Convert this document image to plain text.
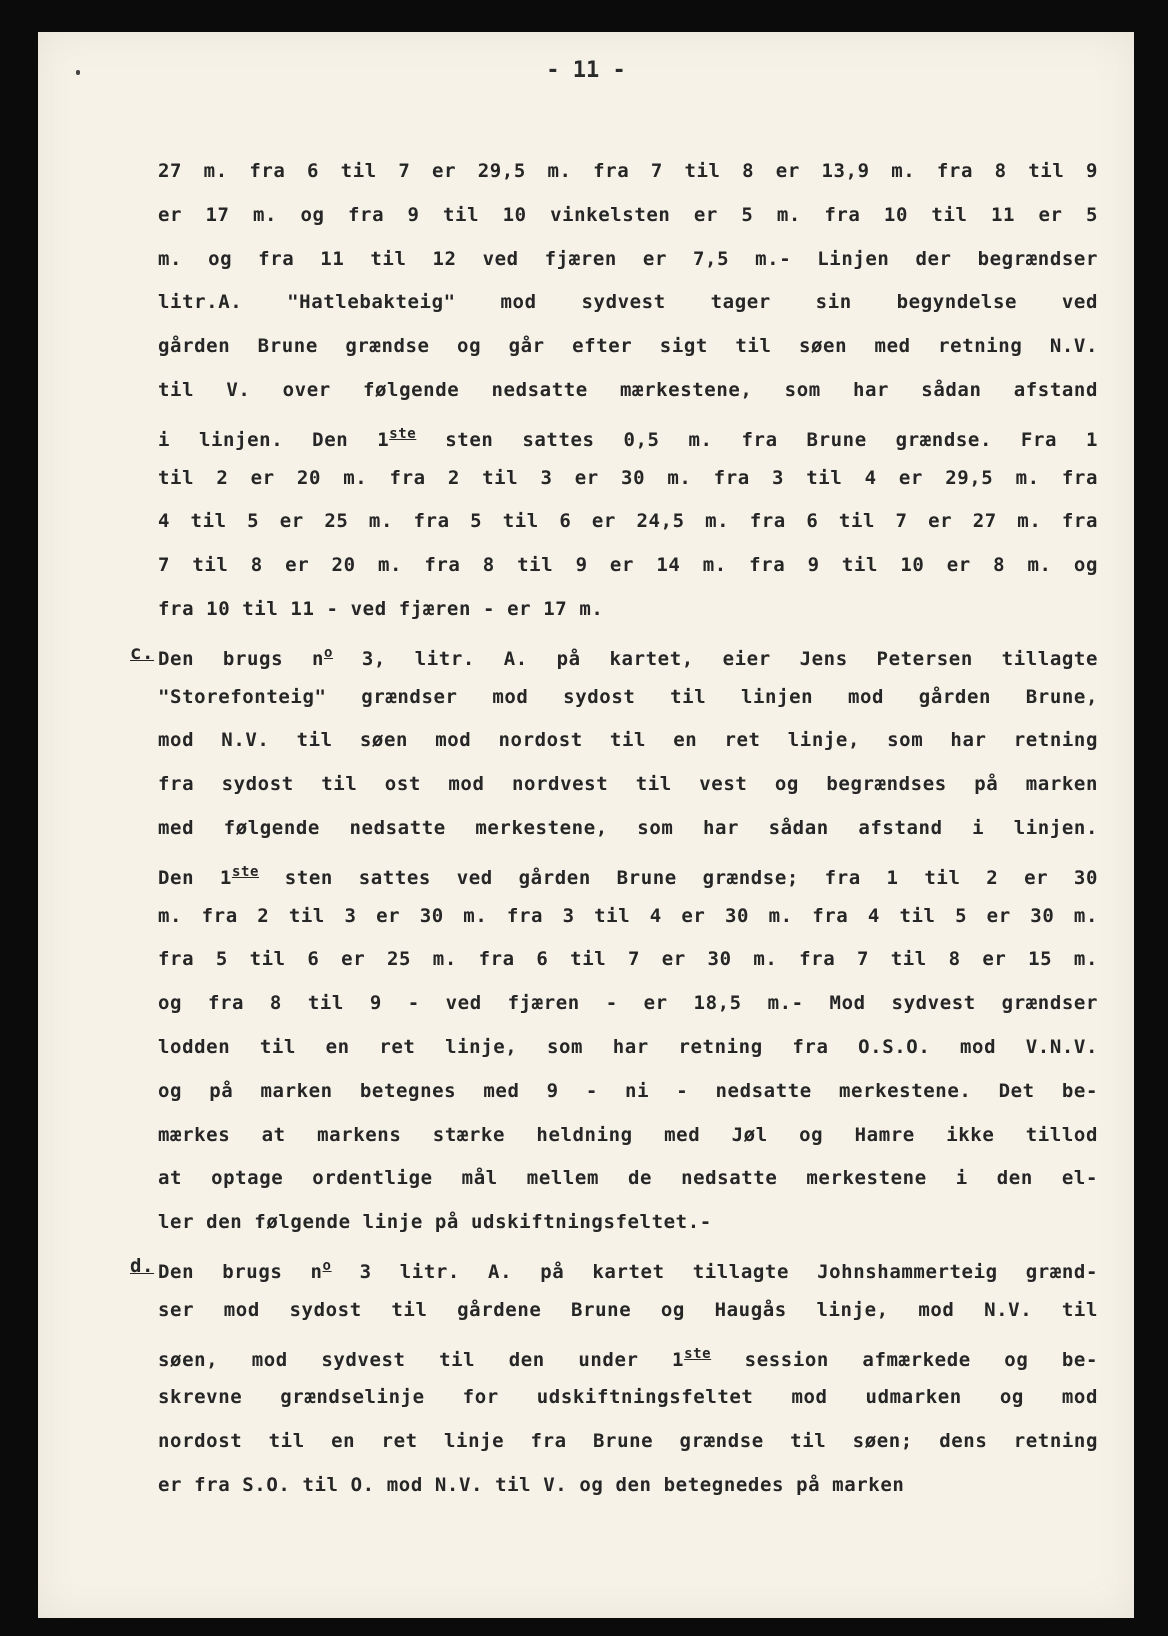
- 11 -
27 m. fra 6 til 7 er 29,5 m. fra 7 til 8 er 13,9 m. fra 8 til 9
er 17 m. og fra 9 til 10 vinkelsten er 5 m. fra 10 til 11 er 5
m. og fra 11 til 12 ved fjæren er 7,5 m.- Linjen der begrændser
litr.A. "Hatlebakteig" mod sydvest tager sin begyndelse ved
gården Brune grændse og går efter sigt til søen med retning N.V.
til V. over følgende nedsatte mærkestene, som har sådan afstand
i linjen. Den 1ste sten sattes 0,5 m. fra Brune grændse. Fra 1
til 2 er 20 m. fra 2 til 3 er 30 m. fra 3 til 4 er 29,5 m. fra
4 til 5 er 25 m. fra 5 til 6 er 24,5 m. fra 6 til 7 er 27 m. fra
7 til 8 er 20 m. fra 8 til 9 er 14 m. fra 9 til 10 er 8 m. og
fra 10 til 11 - ved fjæren - er 17 m.
c. Den brugs $n^o$ 3, litr. A. på kartet, eier Jens Petersen tillagte
"Storefonteig" grændser mod sydost til linjen mod gården Brune,
mod N.V. til søen mod nordost til en ret linje, som har retning
fra sydost til ost mod nordvest til vest og begrændses på marken
med følgende nedsatte merkestene, som har sådan afstand i linjen.
Den 1ste sten sattes ved gården Brune grændse; fra 1 til 2 er 30
m. fra 2 til 3 er 30 m. fra 3 til 4 er 30 m. fra 4 til 5 er 30 m.
fra 5 til 6 er 25 m. fra 6 til 7 er 30 m. fra 7 til 8 er 15 m.
og fra 8 til 9 - ved fjæren - er 18,5 m.- Mod sydvest grændser
lodden til en ret linje, som har retning fra O.S.O. mod V.N.V.
og på marken betegnes med 9 - ni - nedsatte merkestene. Det be-
mærkes at markens stærke heldning med Jøl og Hamre ikke tillod
at optage ordentlige mål mellem de nedsatte merkestene i den el-
ler den følgende linje på udskiftningsfeltet.-
d. Den brugs $n^o$ 3 litr. A. på kartet tillagte Johnshammerteig grænd-
ser mod sydost til gårdene Brune og Haugås linje, mod N.V. til
søen, mod sydvest til den under 1ste session afmærkede og be-
skrevne grændselinje for udskiftningsfeltet mod udmarken og mod
nordost til en ret linje fra Brune grændse til søen; dens retning
er fra S.O. til O. mod N.V. til V. og den betegnedes på marken
